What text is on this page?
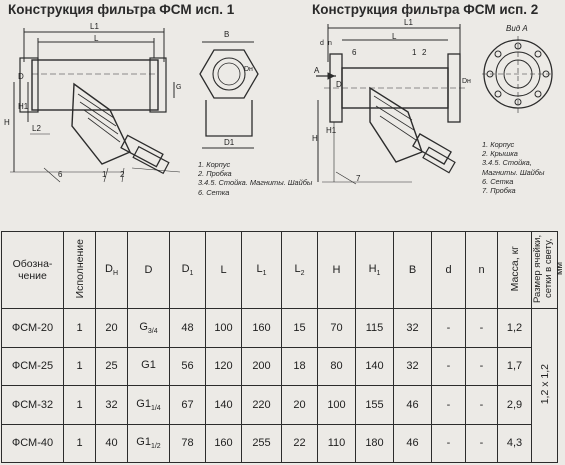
Конструкция фильтра ФСМ исп. 1	Конструкция фильтра ФСМ исп. 2
L1
L
D
H
H1
L2
G
6	1 2
B
Dн
D1
1. Корпус
2. Пробка
3.4.5. Стойка. Магниты. Шайбы
6. Сетка
L1
L
d n
A
D	Dн
H
H1
6	1 2
7
Вид А
1. Корпус
2. Крышка
3.4.5. Стойка,
Магниты. Шайбы
6. Сетка
7. Пробка
Обозна-
чение	Исполнение	$D_Н$	D	$D_1$	L	$L_1$	$L_2$	H	$H_1$	B	d	n	Масса, кг	Размер ячейки,
сетки в свету, мм
ФСМ-20	1	20	$G_{3/4}$	48	100	160	15	70	115	32	-	-	1,2	1,2 x 1,2
ФСМ-25	1	25	G1	56	120	200	18	80	140	32	-	-	1,7	
ФСМ-32	1	32	$G1_{1/4}$	67	140	220	20	100	155	46	-	-	2,9	
ФСМ-40	1	40	$G1_{1/2}$	78	160	255	22	110	180	46	-	-	4,3	
